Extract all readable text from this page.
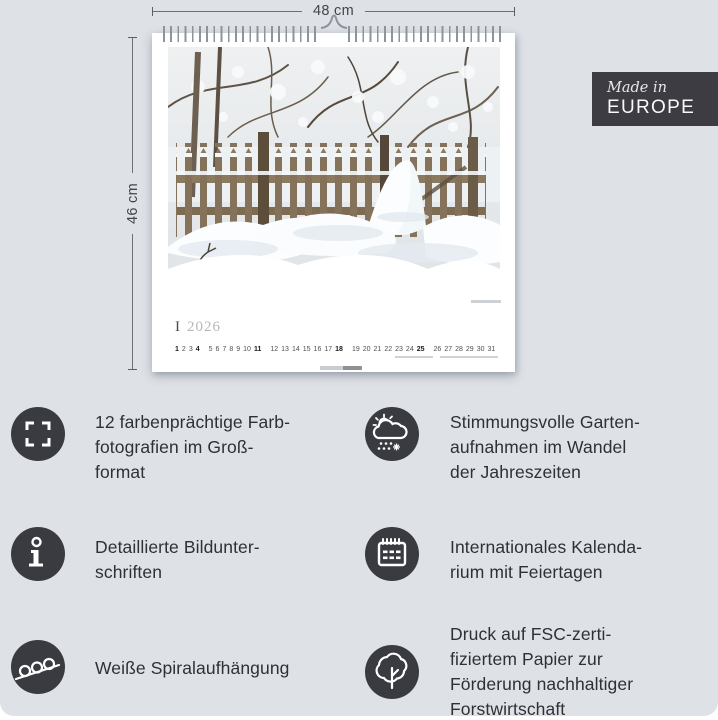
48 cm
46 cm
I 2026
1 2 3 4 5 6 7 8 9 10 11 12 13 14 15 16 17 18 19 20 21 22 23 24 25 26 27 28 29 30 31
Made in
EUROPE
12 farbenprächtige Farb-
fotografien im Groß-
format
Stimmungsvolle Garten-
aufnahmen im Wandel
der Jahreszeiten
Detaillierte Bildunter-
schriften
Internationales Kalenda-
rium mit Feiertagen
Weiße Spiralaufhängung
Druck auf FSC-zerti-
fiziertem Papier zur
Förderung nachhaltiger
Forstwirtschaft
